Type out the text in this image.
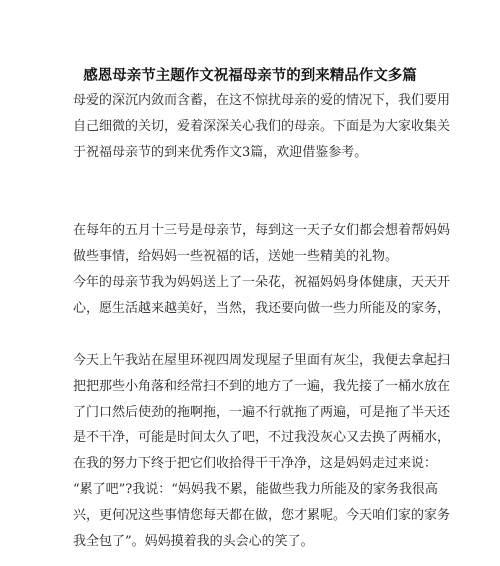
感恩母亲节主题作文祝福母亲节的到来精品作文多篇
母爱的深沉内敛而含蓄，在这不惊扰母亲的爱的情况下，我们要用
自己细微的关切，爱着深深关心我们的母亲。下面是为大家收集关
于祝福母亲节的到来优秀作文3篇，欢迎借鉴参考。
在每年的五月十三号是母亲节，每到这一天子女们都会想着帮妈妈
做些事情，给妈妈一些祝福的话，送她一些精美的礼物。
今年的母亲节我为妈妈送上了一朵花，祝福妈妈身体健康，天天开
心，愿生活越来越美好，当然，我还要向做一些力所能及的家务，
今天上午我站在屋里环视四周发现屋子里面有灰尘，我便去拿起扫
把把那些小角落和经常扫不到的地方了一遍，我先接了一桶水放在
了门口然后使劲的拖啊拖，一遍不行就拖了两遍，可是拖了半天还
是不干净，可能是时间太久了吧，不过我没灰心又去换了两桶水，
在我的努力下终于把它们收拾得干干净净，这是妈妈走过来说：
“累了吧”?我说：“妈妈我不累，能做些我力所能及的家务我很高
兴，更何况这些事情您每天都在做，您才累呢。今天咱们家的家务
我全包了”。妈妈摸着我的头会心的笑了。
